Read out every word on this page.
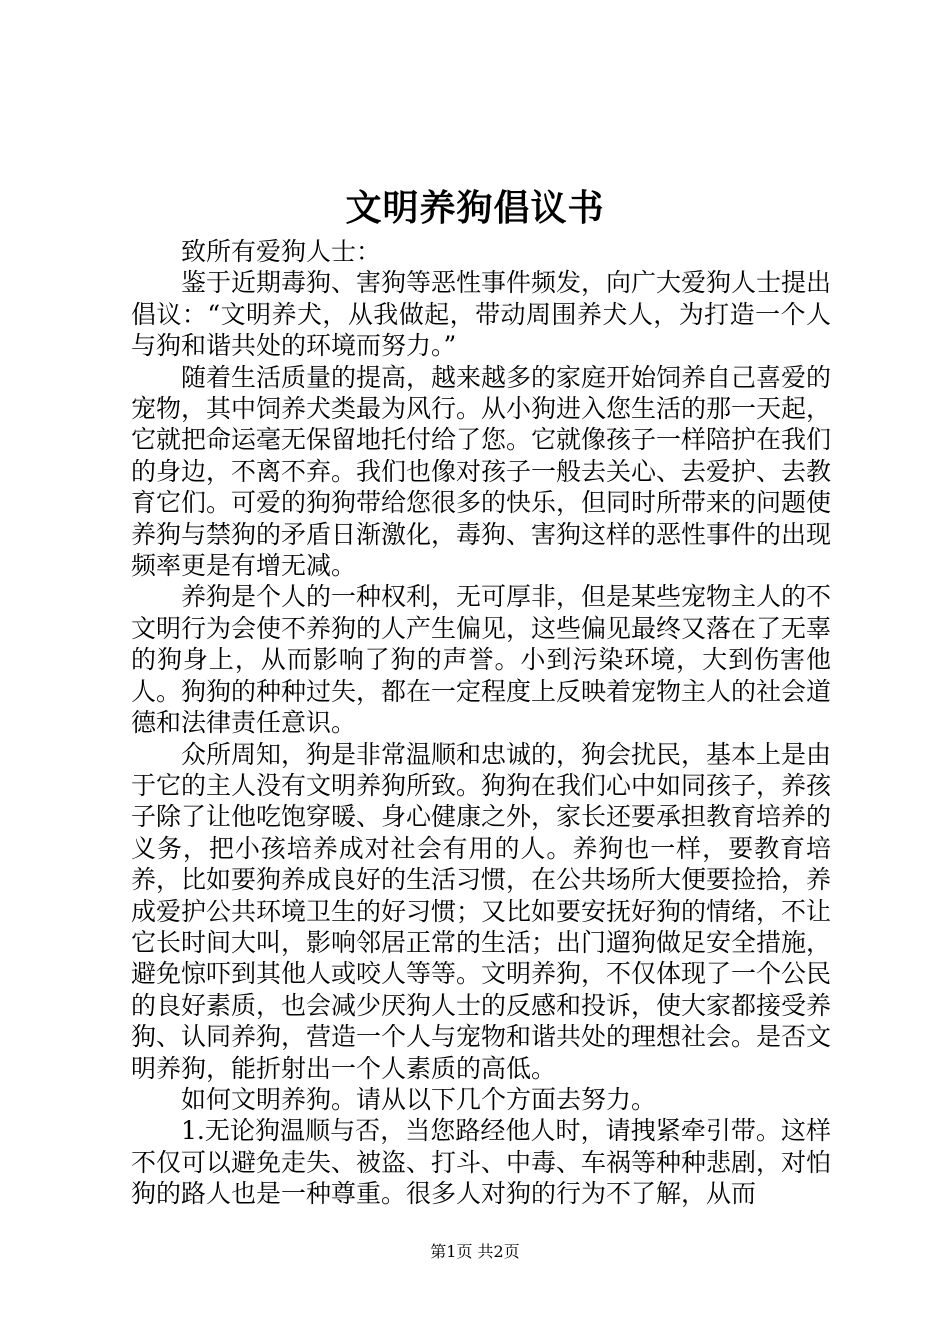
文明养狗倡议书

致所有爱狗人士：

鉴于近期毒狗、害狗等恶性事件频发，向广大爱狗人士提出倡议：“文明养犬，从我做起，带动周围养犬人，为打造一个人与狗和谐共处的环境而努力。”

随着生活质量的提高，越来越多的家庭开始饲养自己喜爱的宠物，其中饲养犬类最为风行。从小狗进入您生活的那一天起，它就把命运毫无保留地托付给了您。它就像孩子一样陪护在我们的身边，不离不弃。我们也像对孩子一般去关心、去爱护、去教育它们。可爱的狗狗带给您很多的快乐，但同时所带来的问题使养狗与禁狗的矛盾日渐激化，毒狗、害狗这样的恶性事件的出现频率更是有增无减。

养狗是个人的一种权利，无可厚非，但是某些宠物主人的不文明行为会使不养狗的人产生偏见，这些偏见最终又落在了无辜的狗身上，从而影响了狗的声誉。小到污染环境，大到伤害他人。狗狗的种种过失，都在一定程度上反映着宠物主人的社会道德和法律责任意识。

众所周知，狗是非常温顺和忠诚的，狗会扰民，基本上是由于它的主人没有文明养狗所致。狗狗在我们心中如同孩子，养孩子除了让他吃饱穿暖、身心健康之外，家长还要承担教育培养的义务，把小孩培养成对社会有用的人。养狗也一样，要教育培养，比如要狗养成良好的生活习惯，在公共场所大便要捡拾，养成爱护公共环境卫生的好习惯；又比如要安抚好狗的情绪，不让它长时间大叫，影响邻居正常的生活；出门遛狗做足安全措施，避免惊吓到其他人或咬人等等。文明养狗，不仅体现了一个公民的良好素质，也会减少厌狗人士的反感和投诉，使大家都接受养狗、认同养狗，营造一个人与宠物和谐共处的理想社会。是否文明养狗，能折射出一个人素质的高低。

如何文明养狗。请从以下几个方面去努力。

1.无论狗温顺与否，当您路经他人时，请拽紧牵引带。这样不仅可以避免走失、被盗、打斗、中毒、车祸等种种悲剧，对怕狗的路人也是一种尊重。很多人对狗的行为不了解，从而

第1页 共2页
